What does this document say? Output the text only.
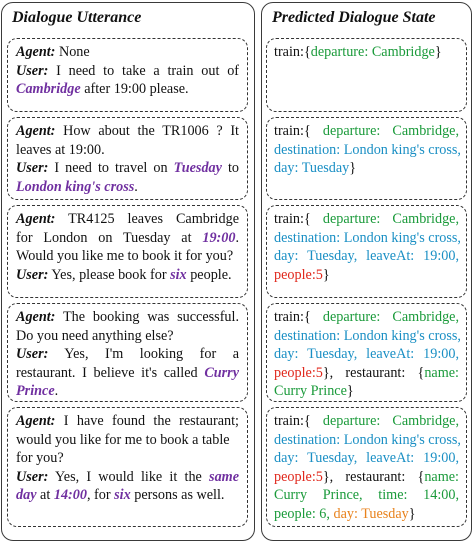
Dialogue Utterance	Predicted Dialogue State
Agent: None
User: I need to take a train out of
Cambridge after 19:00 please.
train:{departure: Cambridge}
Agent: How about the TR1006 ? It
leaves at 19:00.
User: I need to travel on Tuesday to
London king's cross.
train:{ departure: Cambridge,
destination: London king's cross,
day: Tuesday}
Agent: TR4125 leaves Cambridge
for London on Tuesday at 19:00.
Would you like me to book it for you?
User: Yes, please book for six people.
train:{ departure: Cambridge,
destination: London king's cross,
day: Tuesday, leaveAt: 19:00,
people:5}
Agent: The booking was successful.
Do you need anything else?
User: Yes, I'm looking for a
restaurant. I believe it's called Curry
Prince.
train:{ departure: Cambridge,
destination: London king's cross,
day: Tuesday, leaveAt: 19:00,
people:5}, restaurant: {name:
Curry Prince}
Agent: I have found the restaurant;
would you like for me to book a table
for you?
User: Yes, I would like it the same
day at 14:00, for six persons as well.
train:{ departure: Cambridge,
destination: London king's cross,
day: Tuesday, leaveAt: 19:00,
people:5}, restaurant: {name:
Curry Prince, time: 14:00,
people: 6, day: Tuesday}
